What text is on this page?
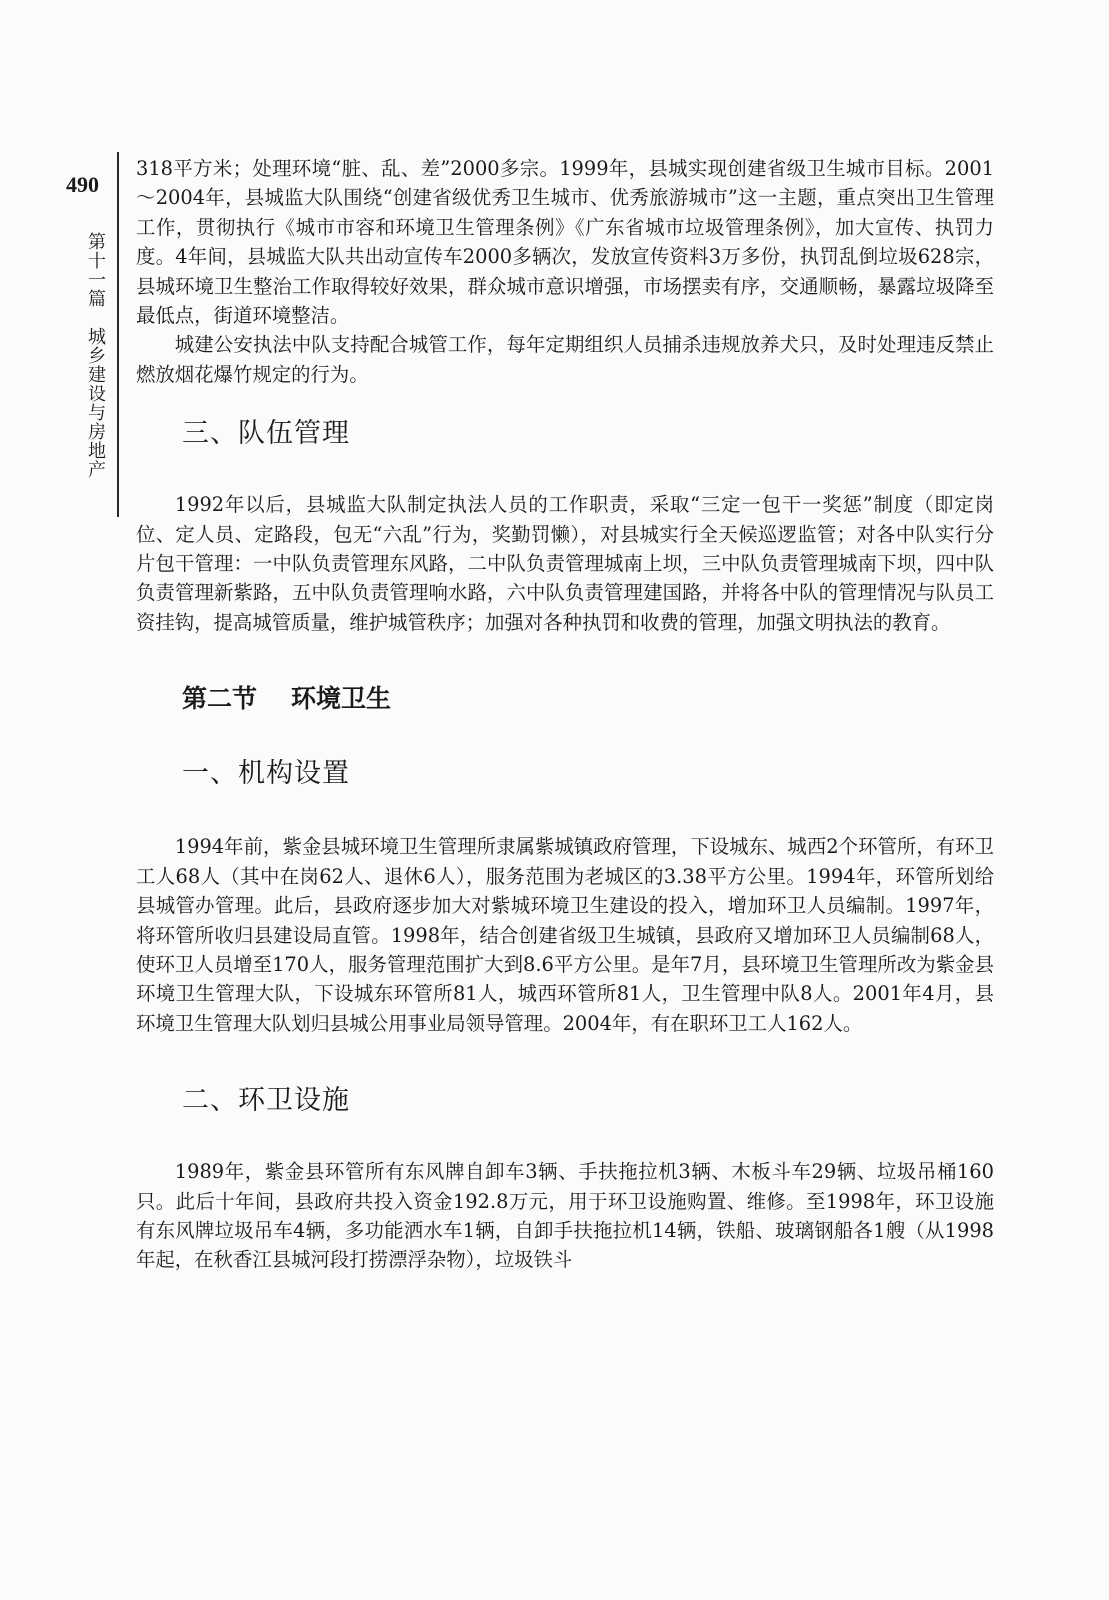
490
第十一篇　城乡建设与房地产

318平方米；处理环境“脏、乱、差”2000多宗。1999年，县城实现创建省级卫生城市目标。2001～2004年，县城监大队围绕“创建省级优秀卫生城市、优秀旅游城市”这一主题，重点突出卫生管理工作，贯彻执行《城市市容和环境卫生管理条例》《广东省城市垃圾管理条例》，加大宣传、执罚力度。4年间，县城监大队共出动宣传车2000多辆次，发放宣传资料3万多份，执罚乱倒垃圾628宗，县城环境卫生整治工作取得较好效果，群众城市意识增强，市场摆卖有序，交通顺畅，暴露垃圾降至最低点，街道环境整洁。

城建公安执法中队支持配合城管工作，每年定期组织人员捕杀违规放养犬只，及时处理违反禁止燃放烟花爆竹规定的行为。

三、队伍管理

1992年以后，县城监大队制定执法人员的工作职责，采取“三定一包干一奖惩”制度（即定岗位、定人员、定路段，包无“六乱”行为，奖勤罚懒），对县城实行全天候巡逻监管；对各中队实行分片包干管理：一中队负责管理东风路，二中队负责管理城南上坝，三中队负责管理城南下坝，四中队负责管理新紫路，五中队负责管理响水路，六中队负责管理建国路，并将各中队的管理情况与队员工资挂钩，提高城管质量，维护城管秩序；加强对各种执罚和收费的管理，加强文明执法的教育。

第二节 环境卫生
一、机构设置

1994年前，紫金县城环境卫生管理所隶属紫城镇政府管理，下设城东、城西2个环管所，有环卫工人68人（其中在岗62人、退休6人），服务范围为老城区的3.38平方公里。1994年，环管所划给县城管办管理。此后，县政府逐步加大对紫城环境卫生建设的投入，增加环卫人员编制。1997年，将环管所收归县建设局直管。1998年，结合创建省级卫生城镇，县政府又增加环卫人员编制68人，使环卫人员增至170人，服务管理范围扩大到8.6平方公里。是年7月，县环境卫生管理所改为紫金县环境卫生管理大队，下设城东环管所81人，城西环管所81人，卫生管理中队8人。2001年4月，县环境卫生管理大队划归县城公用事业局领导管理。2004年，有在职环卫工人162人。

二、环卫设施

1989年，紫金县环管所有东风牌自卸车3辆、手扶拖拉机3辆、木板斗车29辆、垃圾吊桶160只。此后十年间，县政府共投入资金192.8万元，用于环卫设施购置、维修。至1998年，环卫设施有东风牌垃圾吊车4辆，多功能洒水车1辆，自卸手扶拖拉机14辆，铁船、玻璃钢船各1艘（从1998年起，在秋香江县城河段打捞漂浮杂物），垃圾铁斗
